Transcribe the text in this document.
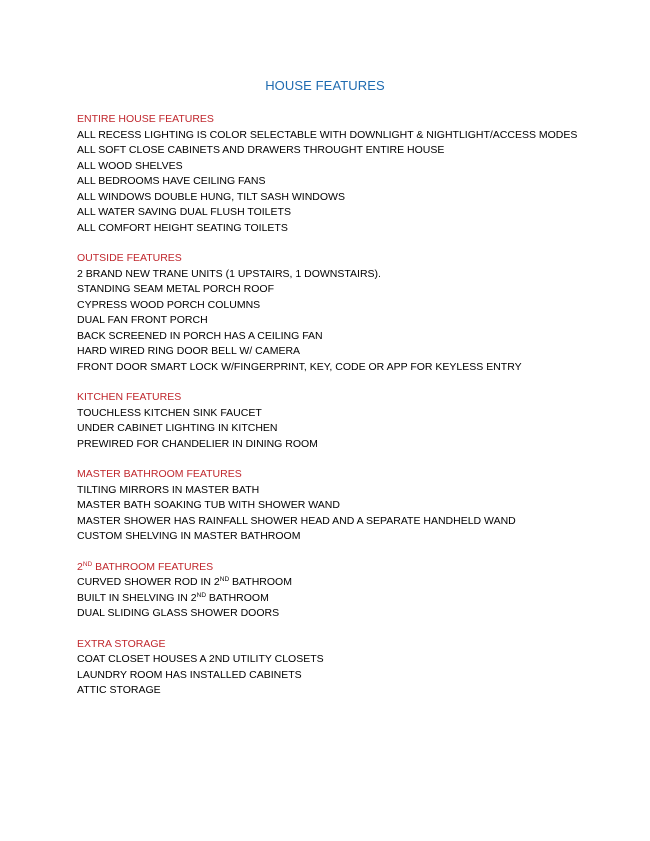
HOUSE FEATURES
ENTIRE HOUSE FEATURES
ALL RECESS LIGHTING IS COLOR SELECTABLE WITH DOWNLIGHT & NIGHTLIGHT/ACCESS MODES
ALL SOFT CLOSE CABINETS AND DRAWERS THROUGHT ENTIRE HOUSE
ALL WOOD SHELVES
ALL BEDROOMS HAVE CEILING FANS
ALL WINDOWS DOUBLE HUNG, TILT SASH WINDOWS
ALL WATER SAVING DUAL FLUSH TOILETS
ALL COMFORT HEIGHT SEATING TOILETS
OUTSIDE FEATURES
2 BRAND NEW TRANE UNITS (1 UPSTAIRS, 1 DOWNSTAIRS).
STANDING SEAM METAL PORCH ROOF
CYPRESS WOOD PORCH COLUMNS
DUAL FAN FRONT PORCH
BACK SCREENED IN PORCH HAS A CEILING FAN
HARD WIRED RING DOOR BELL W/ CAMERA
FRONT DOOR SMART LOCK W/FINGERPRINT, KEY, CODE OR APP FOR KEYLESS ENTRY
KITCHEN FEATURES
TOUCHLESS KITCHEN SINK FAUCET
UNDER CABINET LIGHTING IN KITCHEN
PREWIRED FOR CHANDELIER IN DINING ROOM
MASTER BATHROOM FEATURES
TILTING MIRRORS IN MASTER BATH
MASTER BATH SOAKING TUB WITH SHOWER WAND
MASTER SHOWER HAS RAINFALL SHOWER HEAD AND A SEPARATE HANDHELD WAND
CUSTOM SHELVING IN MASTER BATHROOM
2ND BATHROOM FEATURES
CURVED SHOWER ROD IN 2ND BATHROOM
BUILT IN SHELVING IN 2ND BATHROOM
DUAL SLIDING GLASS SHOWER DOORS
EXTRA STORAGE
COAT CLOSET HOUSES A 2ND UTILITY CLOSETS
LAUNDRY ROOM HAS INSTALLED CABINETS
ATTIC STORAGE
